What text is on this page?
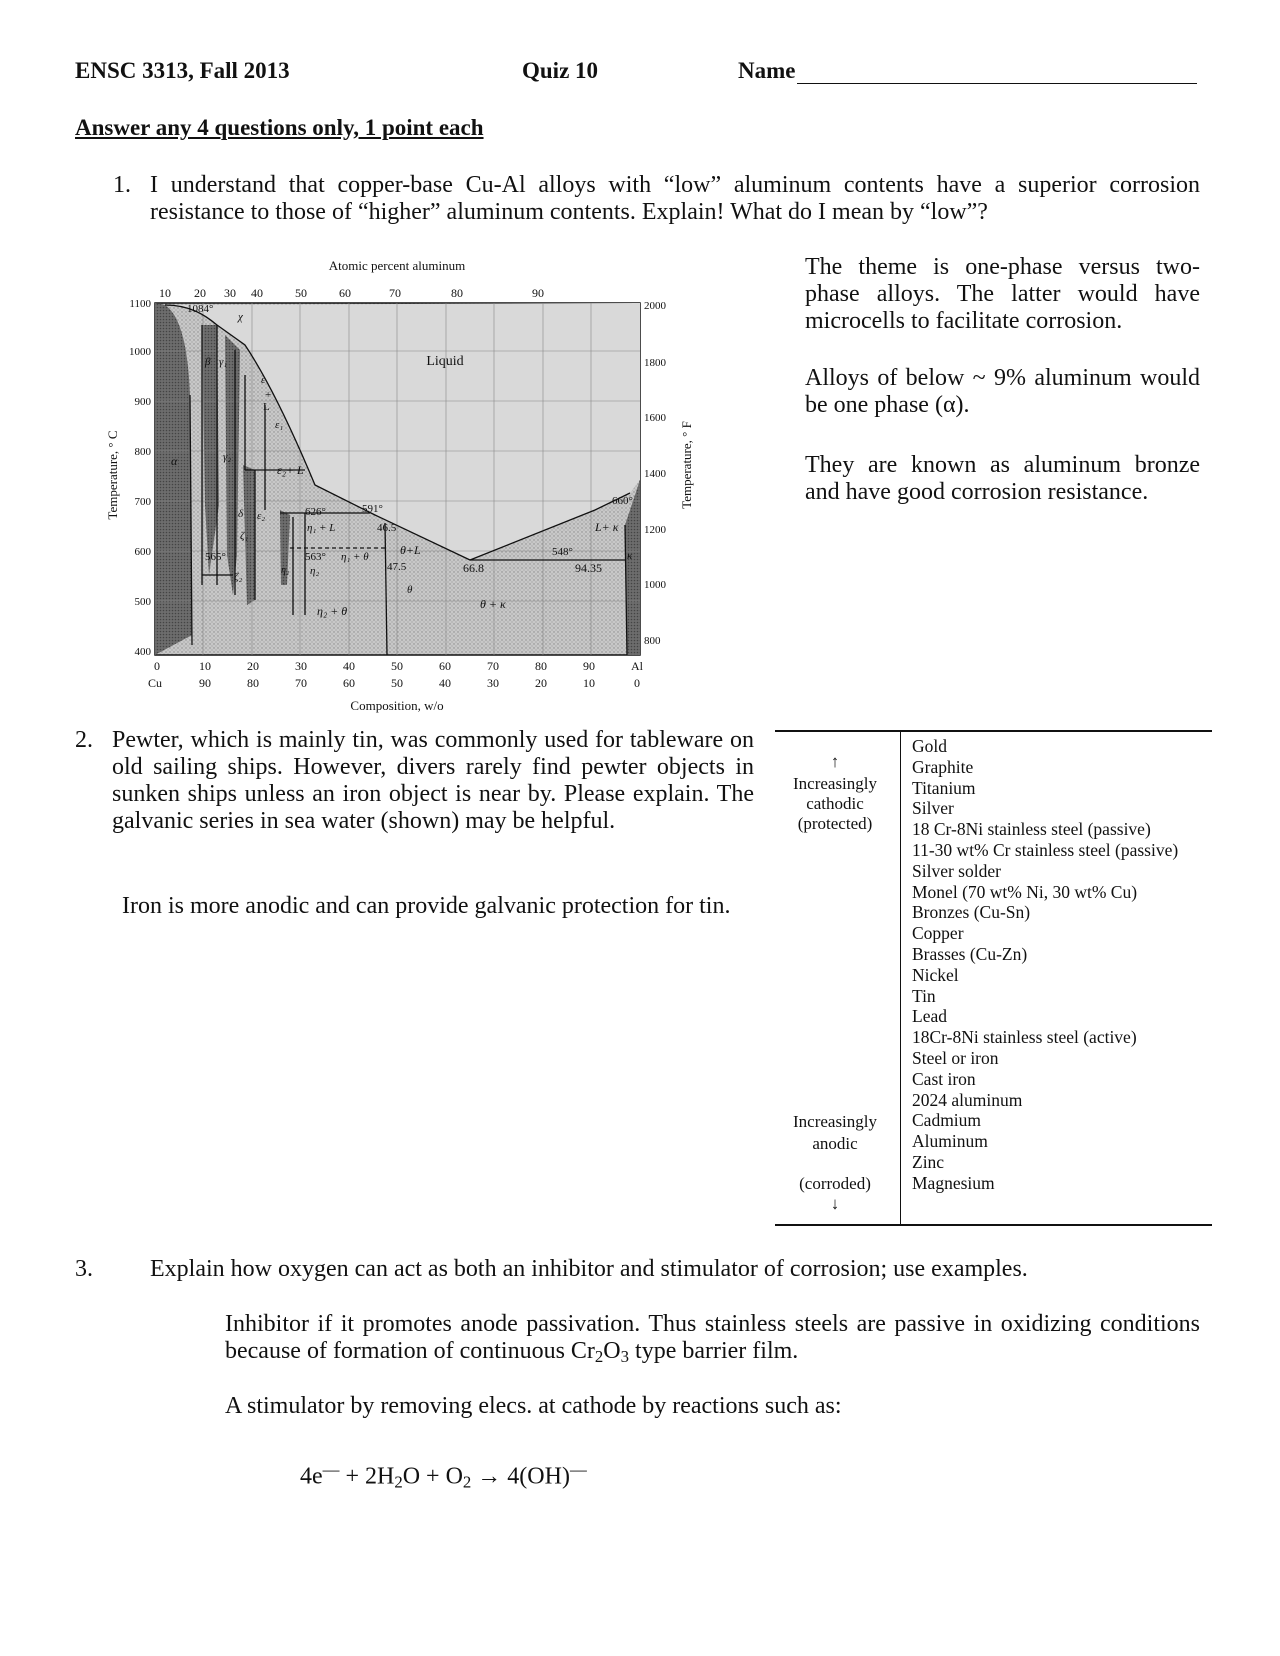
ENSC 3313, Fall 2013	Quiz 10	Name
Answer any 4 questions only, 1 point each
1. I understand that copper-base Cu-Al alloys with “low” aluminum contents have a superior corrosion resistance to those of “higher” aluminum contents. Explain! What do I mean by “low”?
The theme is one-phase versus two-phase alloys. The latter would have microcells to facilitate corrosion.
Alloys of below ~ 9% aluminum would be one phase (α).
They are known as aluminum bronze and have good corrosion resistance.
Atomic percent aluminum
10 20 30 40	50	60	70	80	90
1100
1000
900
800
700
600
500
400
Temperature, ° C
2000
1800
1600
1400
1200
1000
800
Temperature, ° F
0	10	20	30	40	50	60	70	80	90	Al
Cu	90	80	70	60	50	40	30	20	10	0
Composition, w/o
Liquid
1084°
χ
626°	591°
565°	563°	548°
660°
46.5
47.5	66.8	94.35
ε₂+ L
ε₁
η₁ + L
θ+L
η₁ + θ
η₂
η₂ + θ
θ
θ + κ
L+ κ
κ
α
β γ₁
γ₂
δ ε₂
ζ₁
ζ₂
η₁
ε
+
L
2. Pewter, which is mainly tin, was commonly used for tableware on old sailing ships. However, divers rarely find pewter objects in sunken ships unless an iron object is near by. Please explain. The galvanic series in sea water (shown) may be helpful.
Iron is more anodic and can provide galvanic protection for tin.
↑
Increasingly
cathodic
(protected)
Increasingly
anodic
(corroded)
↓
Gold
Graphite
Titanium
Silver
18 Cr-8Ni stainless steel (passive)
11-30 wt% Cr stainless steel (passive)
Silver solder
Monel (70 wt% Ni, 30 wt% Cu)
Bronzes (Cu-Sn)
Copper
Brasses (Cu-Zn)
Nickel
Tin
Lead
18Cr-8Ni stainless steel (active)
Steel or iron
Cast iron
2024 aluminum
Cadmium
Aluminum
Zinc
Magnesium
3. Explain how oxygen can act as both an inhibitor and stimulator of corrosion; use examples.
Inhibitor if it promotes anode passivation. Thus stainless steels are passive in oxidizing conditions because of formation of continuous $Cr_2O_3$ type barrier film.
A stimulator by removing elecs. at cathode by reactions such as:
$4e^— + 2H_2O + O_2 \to 4(OH)^—$
